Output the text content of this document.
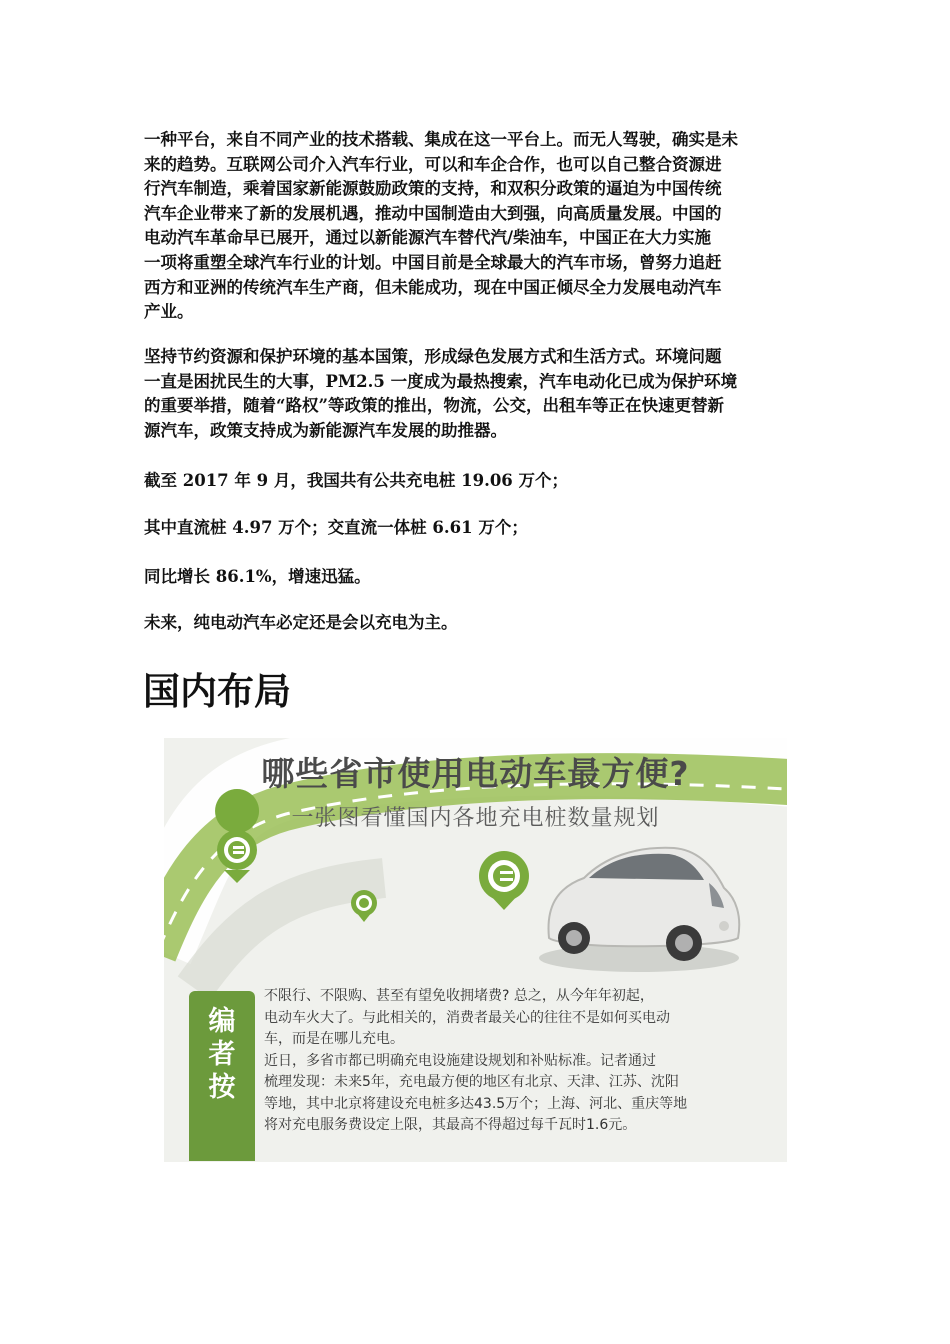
一种平台，来自不同产业的技术搭载、集成在这一平台上。而无人驾驶，确实是未
来的趋势。互联网公司介入汽车行业，可以和车企合作，也可以自己整合资源进
行汽车制造，乘着国家新能源鼓励政策的支持，和双积分政策的逼迫为中国传统
汽车企业带来了新的发展机遇，推动中国制造由大到强，向高质量发展。中国的
电动汽车革命早已展开，通过以新能源汽车替代汽/柴油车，中国正在大力实施
一项将重塑全球汽车行业的计划。中国目前是全球最大的汽车市场，曾努力追赶
西方和亚洲的传统汽车生产商，但未能成功，现在中国正倾尽全力发展电动汽车
产业。

坚持节约资源和保护环境的基本国策，形成绿色发展方式和生活方式。环境问题
一直是困扰民生的大事，PM2.5 一度成为最热搜索，汽车电动化已成为保护环境
的重要举措，随着“路权”等政策的推出，物流，公交，出租车等正在快速更替新
源汽车，政策支持成为新能源汽车发展的助推器。

截至 2017 年 9 月，我国共有公共充电桩 19.06 万个；

其中直流桩 4.97 万个；交直流一体桩 6.61 万个；

同比增长 86.1%，增速迅猛。

未来，纯电动汽车必定还是会以充电为主。

国内布局
哪些省市使用电动车最方便?
一张图看懂国内各地充电桩数量规划
编
者
按
不限行、不限购、甚至有望免收拥堵费? 总之，从今年年初起，
电动车火大了。与此相关的，消费者最关心的往往不是如何买电动
车，而是在哪儿充电。
近日，多省市都已明确充电设施建设规划和补贴标准。记者通过
梳理发现：未来5年，充电最方便的地区有北京、天津、江苏、沈阳
等地，其中北京将建设充电桩多达43.5万个；上海、河北、重庆等地
将对充电服务费设定上限，其最高不得超过每千瓦时1.6元。
